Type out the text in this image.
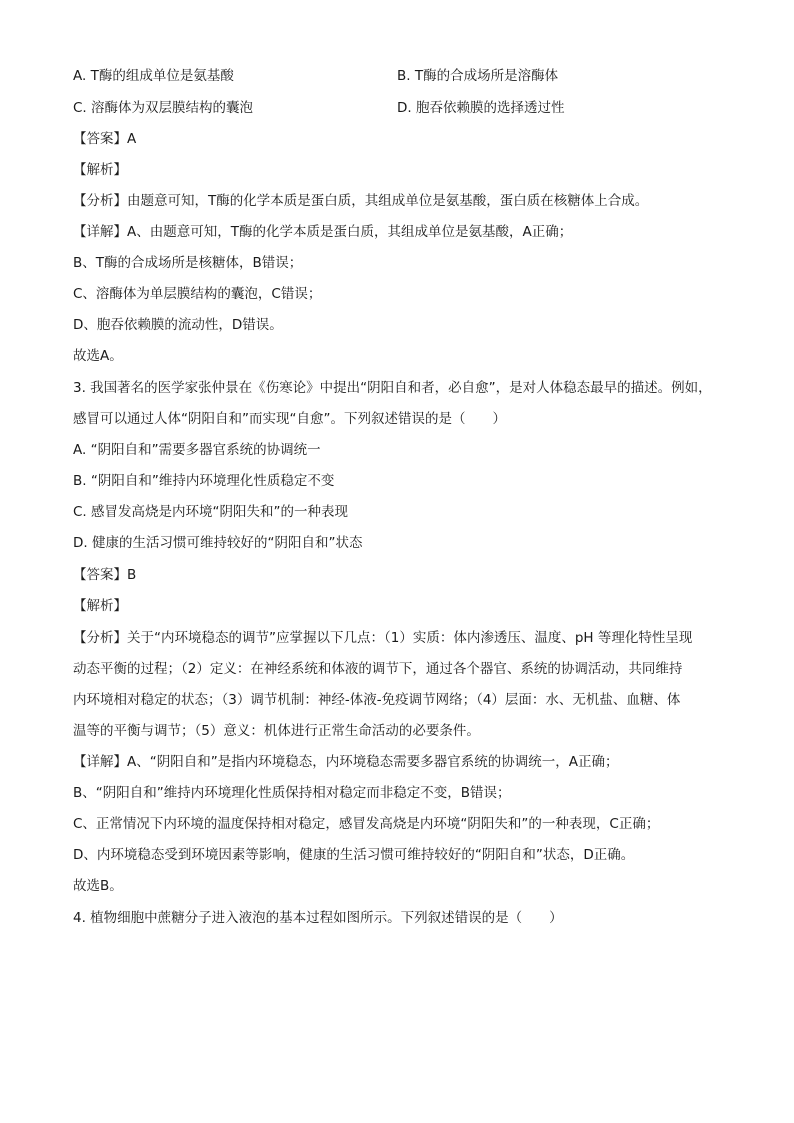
A. T酶的组成单位是氨基酸	B. T酶的合成场所是溶酶体
C. 溶酶体为双层膜结构的囊泡	D. 胞吞依赖膜的选择透过性
【答案】A
【解析】
【分析】由题意可知，T酶的化学本质是蛋白质，其组成单位是氨基酸，蛋白质在核糖体上合成。
【详解】A、由题意可知，T酶的化学本质是蛋白质，其组成单位是氨基酸，A正确；
B、T酶的合成场所是核糖体，B错误；
C、溶酶体为单层膜结构的囊泡，C错误；
D、胞吞依赖膜的流动性，D错误。
故选A。
3. 我国著名的医学家张仲景在《伤寒论》中提出“阴阳自和者，必自愈”，是对人体稳态最早的描述。例如，
感冒可以通过人体“阴阳自和”而实现“自愈”。下列叙述错误的是（　　）
A. “阴阳自和”需要多器官系统的协调统一
B. “阴阳自和”维持内环境理化性质稳定不变
C. 感冒发高烧是内环境“阴阳失和”的一种表现
D. 健康的生活习惯可维持较好的“阴阳自和”状态
【答案】B
【解析】
【分析】关于“内环境稳态的调节”应掌握以下几点：（1）实质：体内渗透压、温度、pH 等理化特性呈现
动态平衡的过程；（2）定义：在神经系统和体液的调节下，通过各个器官、系统的协调活动，共同维持
内环境相对稳定的状态；（3）调节机制：神经-体液-免疫调节网络；（4）层面：水、无机盐、血糖、体
温等的平衡与调节；（5）意义：机体进行正常生命活动的必要条件。
【详解】A、“阴阳自和”是指内环境稳态，内环境稳态需要多器官系统的协调统一，A正确；
B、“阴阳自和”维持内环境理化性质保持相对稳定而非稳定不变，B错误；
C、正常情况下内环境的温度保持相对稳定，感冒发高烧是内环境“阴阳失和”的一种表现，C正确；
D、内环境稳态受到环境因素等影响，健康的生活习惯可维持较好的“阴阳自和”状态，D正确。
故选B。
4. 植物细胞中蔗糖分子进入液泡的基本过程如图所示。下列叙述错误的是（　　）
